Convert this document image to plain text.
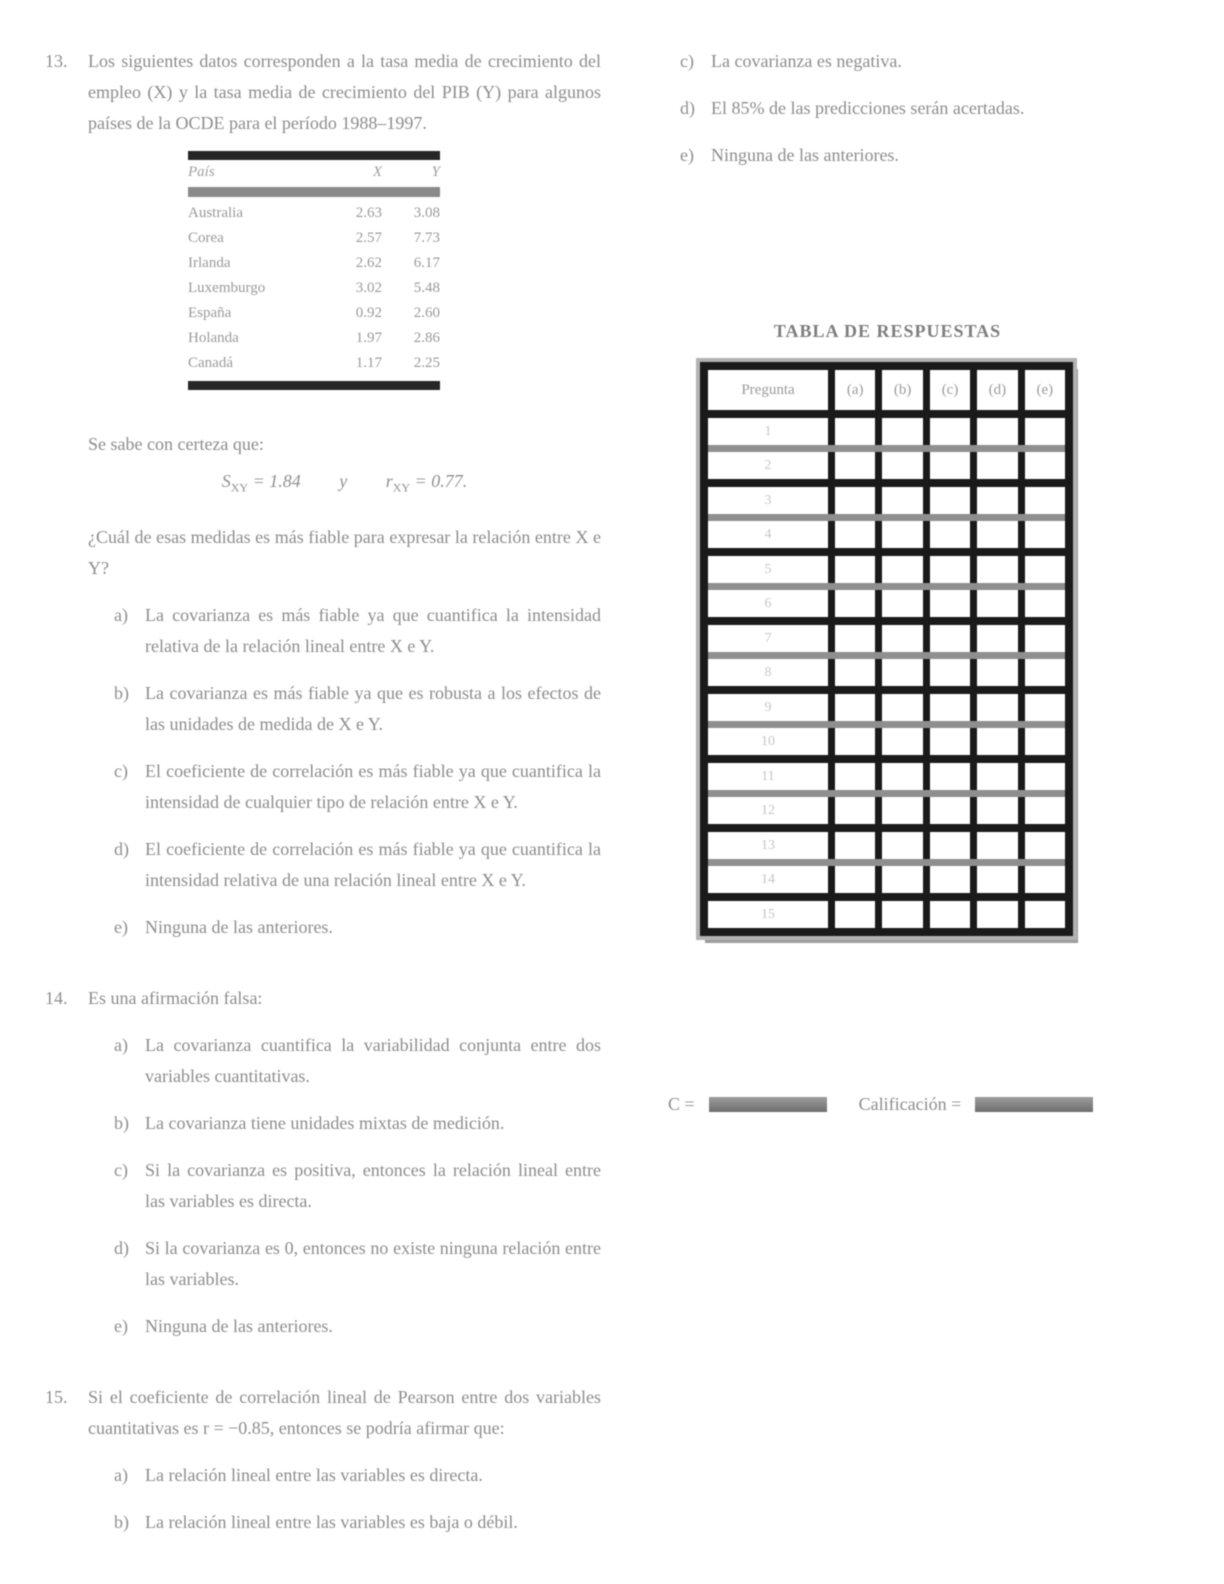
13.	Los siguientes datos corresponden a la tasa media de crecimiento del empleo (X) y la tasa media de crecimiento del PIB (Y) para algunos países de la OCDE para el período 1988–1997.

País	X	Y
Australia	2.63	3.08
Corea	2.57	7.73
Irlanda	2.62	6.17
Luxemburgo	3.02	5.48
España	0.92	2.60
Holanda	1.97	2.86
Canadá	1.17	2.25

Se sabe con certeza que:

$S_{XY} = 1.84$ y $r_{XY} = 0.77$.

¿Cuál de esas medidas es más fiable para expresar la relación entre X e Y?

a) La covarianza es más fiable ya que cuantifica la intensidad relativa de la relación lineal entre X e Y.

b) La covarianza es más fiable ya que es robusta a los efectos de las unidades de medida de X e Y.

c) El coeficiente de correlación es más fiable ya que cuantifica la intensidad de cualquier tipo de relación entre X e Y.

d) El coeficiente de correlación es más fiable ya que cuantifica la intensidad relativa de una relación lineal entre X e Y.

e) Ninguna de las anteriores.

14.	Es una afirmación falsa:

a) La covarianza cuantifica la variabilidad conjunta entre dos variables cuantitativas.

b) La covarianza tiene unidades mixtas de medición.

c) Si la covarianza es positiva, entonces la relación lineal entre las variables es directa.

d) Si la covarianza es 0, entonces no existe ninguna relación entre las variables.

e) Ninguna de las anteriores.

15.	Si el coeficiente de correlación lineal de Pearson entre dos variables cuantitativas es r = −0.85, entonces se podría afirmar que:

a) La relación lineal entre las variables es directa.

b) La relación lineal entre las variables es baja o débil.

c) La covarianza es negativa.

d) El 85% de las predicciones serán acertadas.

e) Ninguna de las anteriores.

TABLA DE RESPUESTAS
Pregunta	(a)	(b)	(c)	(d)	(e)
1
2
3
4
5
6
7
8
9
10
11
12
13
14
15
C =	Calificación =
